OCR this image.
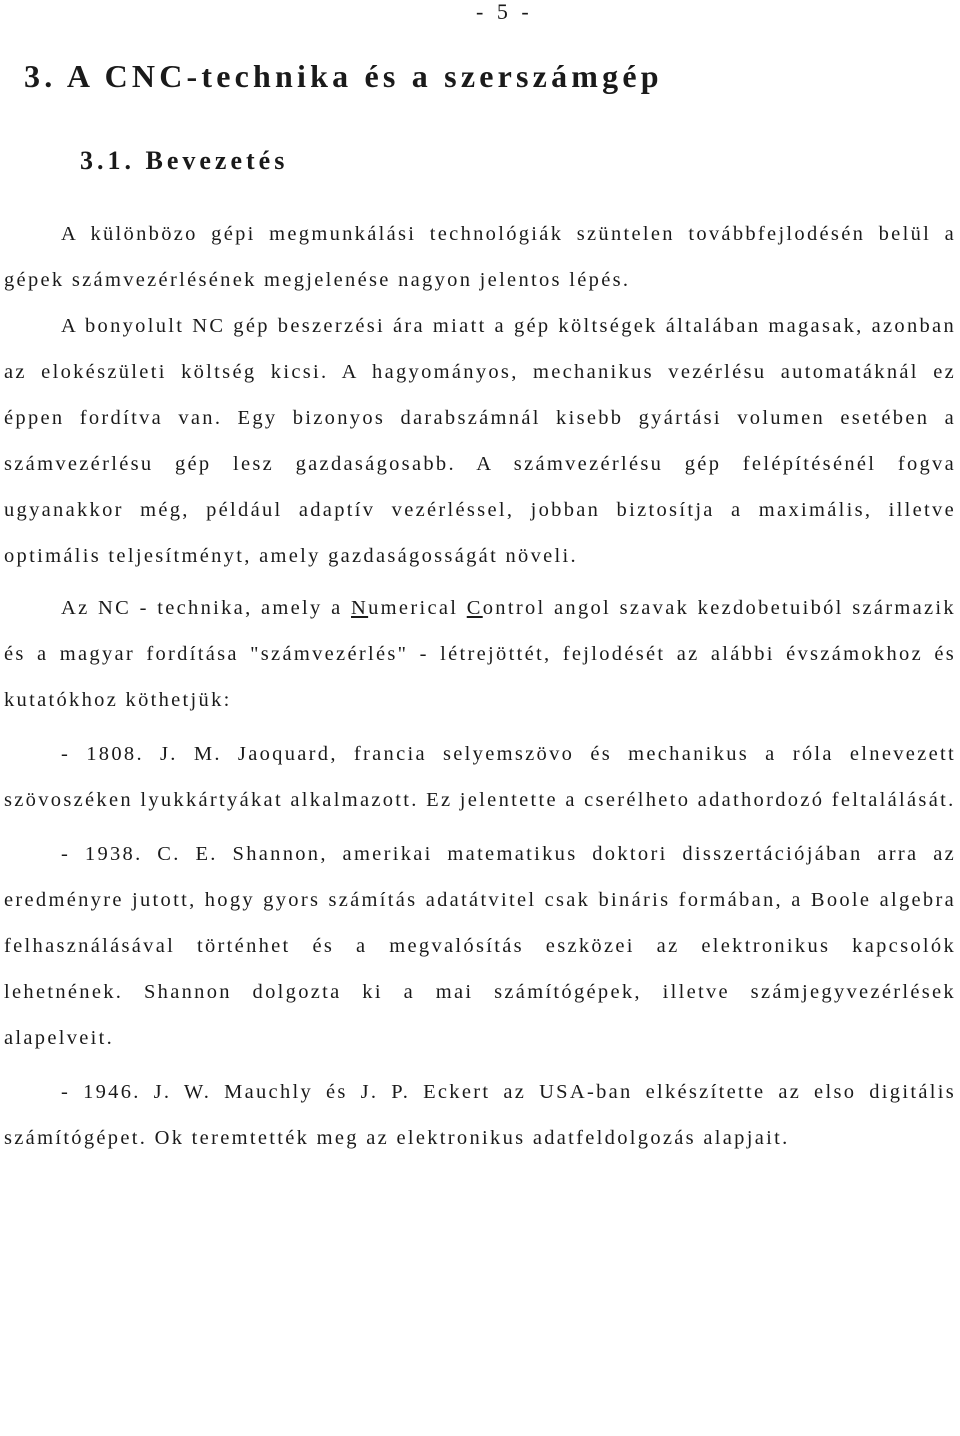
- 5 -
3. A CNC-technika és a szerszámgép
3.1. Bevezetés

A különbözo gépi megmunkálási technológiák szüntelen továbbfejlodésén belül a gépek számvezérlésének megjelenése nagyon jelentos lépés.

A bonyolult NC gép beszerzési ára miatt a gép költségek általában magasak, azonban az elokészületi költség kicsi. A hagyományos, mechanikus vezérlésu automatáknál ez éppen fordítva van. Egy bizonyos darabszámnál kisebb gyártási volumen esetében a számvezérlésu gép lesz gazdaságosabb. A számvezérlésu gép felépítésénél fogva ugyanakkor még, például adaptív vezérléssel, jobban biztosítja a maximális, illetve optimális teljesítményt, amely gazdaságosságát növeli.

Az NC - technika, amely a Numerical Control angol szavak kezdobetuiból származik és a magyar fordítása "számvezérlés" - létrejöttét, fejlodését az alábbi évszámokhoz és kutatókhoz köthetjük:

- 1808. J. M. Jaoquard, francia selyemszövo és mechanikus a róla elnevezett szövoszéken lyukkártyákat alkalmazott. Ez jelentette a cserélheto adathordozó feltalálását.

- 1938. C. E. Shannon, amerikai matematikus doktori disszertációjában arra az eredményre jutott, hogy gyors számítás adatátvitel csak bináris formában, a Boole algebra felhasználásával történhet és a megvalósítás eszközei az elektronikus kapcsolók lehetnének. Shannon dolgozta ki a mai számítógépek, illetve számjegyvezérlések alapelveit.

- 1946. J. W. Mauchly és J. P. Eckert az USA-ban elkészítette az elso digitális számítógépet. Ok teremtették meg az elektronikus adatfeldolgozás alapjait.
